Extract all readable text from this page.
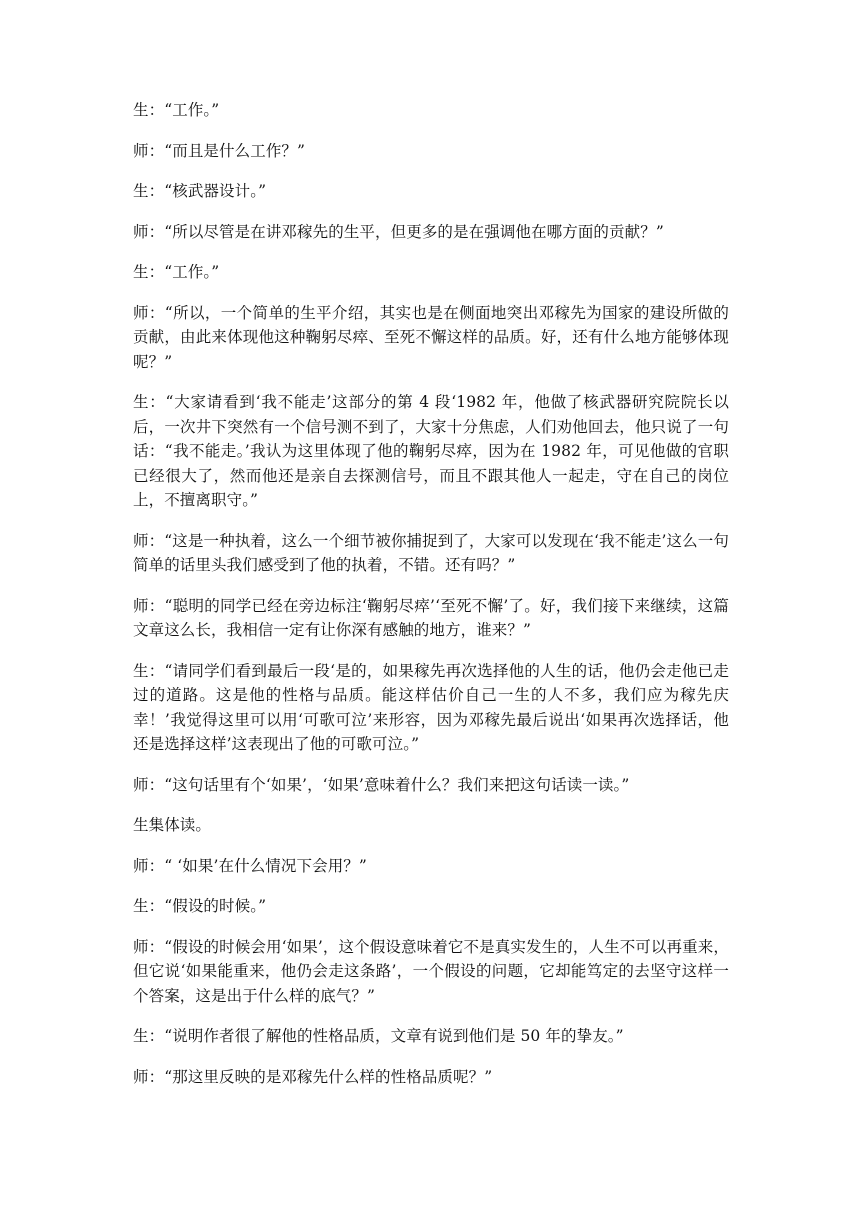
生：“工作。”

师：“而且是什么工作？”

生：“核武器设计。”

师：“所以尽管是在讲邓稼先的生平，但更多的是在强调他在哪方面的贡献？”

生：“工作。”

师：“所以，一个简单的生平介绍，其实也是在侧面地突出邓稼先为国家的建设所做的贡献，由此来体现他这种鞠躬尽瘁、至死不懈这样的品质。好，还有什么地方能够体现呢？”

生：“大家请看到‘我不能走’这部分的第 4 段‘1982 年，他做了核武器研究院院长以后，一次井下突然有一个信号测不到了，大家十分焦虑，人们劝他回去，他只说了一句话：“我不能走。’我认为这里体现了他的鞠躬尽瘁，因为在 1982 年，可见他做的官职已经很大了，然而他还是亲自去探测信号，而且不跟其他人一起走，守在自己的岗位上，不擅离职守。”

师：“这是一种执着，这么一个细节被你捕捉到了，大家可以发现在‘我不能走’这么一句简单的话里头我们感受到了他的执着，不错。还有吗？”

师：“聪明的同学已经在旁边标注‘鞠躬尽瘁’‘至死不懈’了。好，我们接下来继续，这篇文章这么长，我相信一定有让你深有感触的地方，谁来？”

生：“请同学们看到最后一段‘是的，如果稼先再次选择他的人生的话，他仍会走他已走过的道路。这是他的性格与品质。能这样估价自己一生的人不多，我们应为稼先庆幸！’我觉得这里可以用‘可歌可泣’来形容，因为邓稼先最后说出‘如果再次选择话，他还是选择这样’这表现出了他的可歌可泣。”

师：“这句话里有个‘如果’，‘如果’意味着什么？我们来把这句话读一读。”

生集体读。

师：“ ‘如果’在什么情况下会用？”

生：“假设的时候。”

师：“假设的时候会用‘如果’，这个假设意味着它不是真实发生的，人生不可以再重来，但它说‘如果能重来，他仍会走这条路’，一个假设的问题，它却能笃定的去坚守这样一个答案，这是出于什么样的底气？”

生：“说明作者很了解他的性格品质，文章有说到他们是 50 年的挚友。”

师：“那这里反映的是邓稼先什么样的性格品质呢？”
